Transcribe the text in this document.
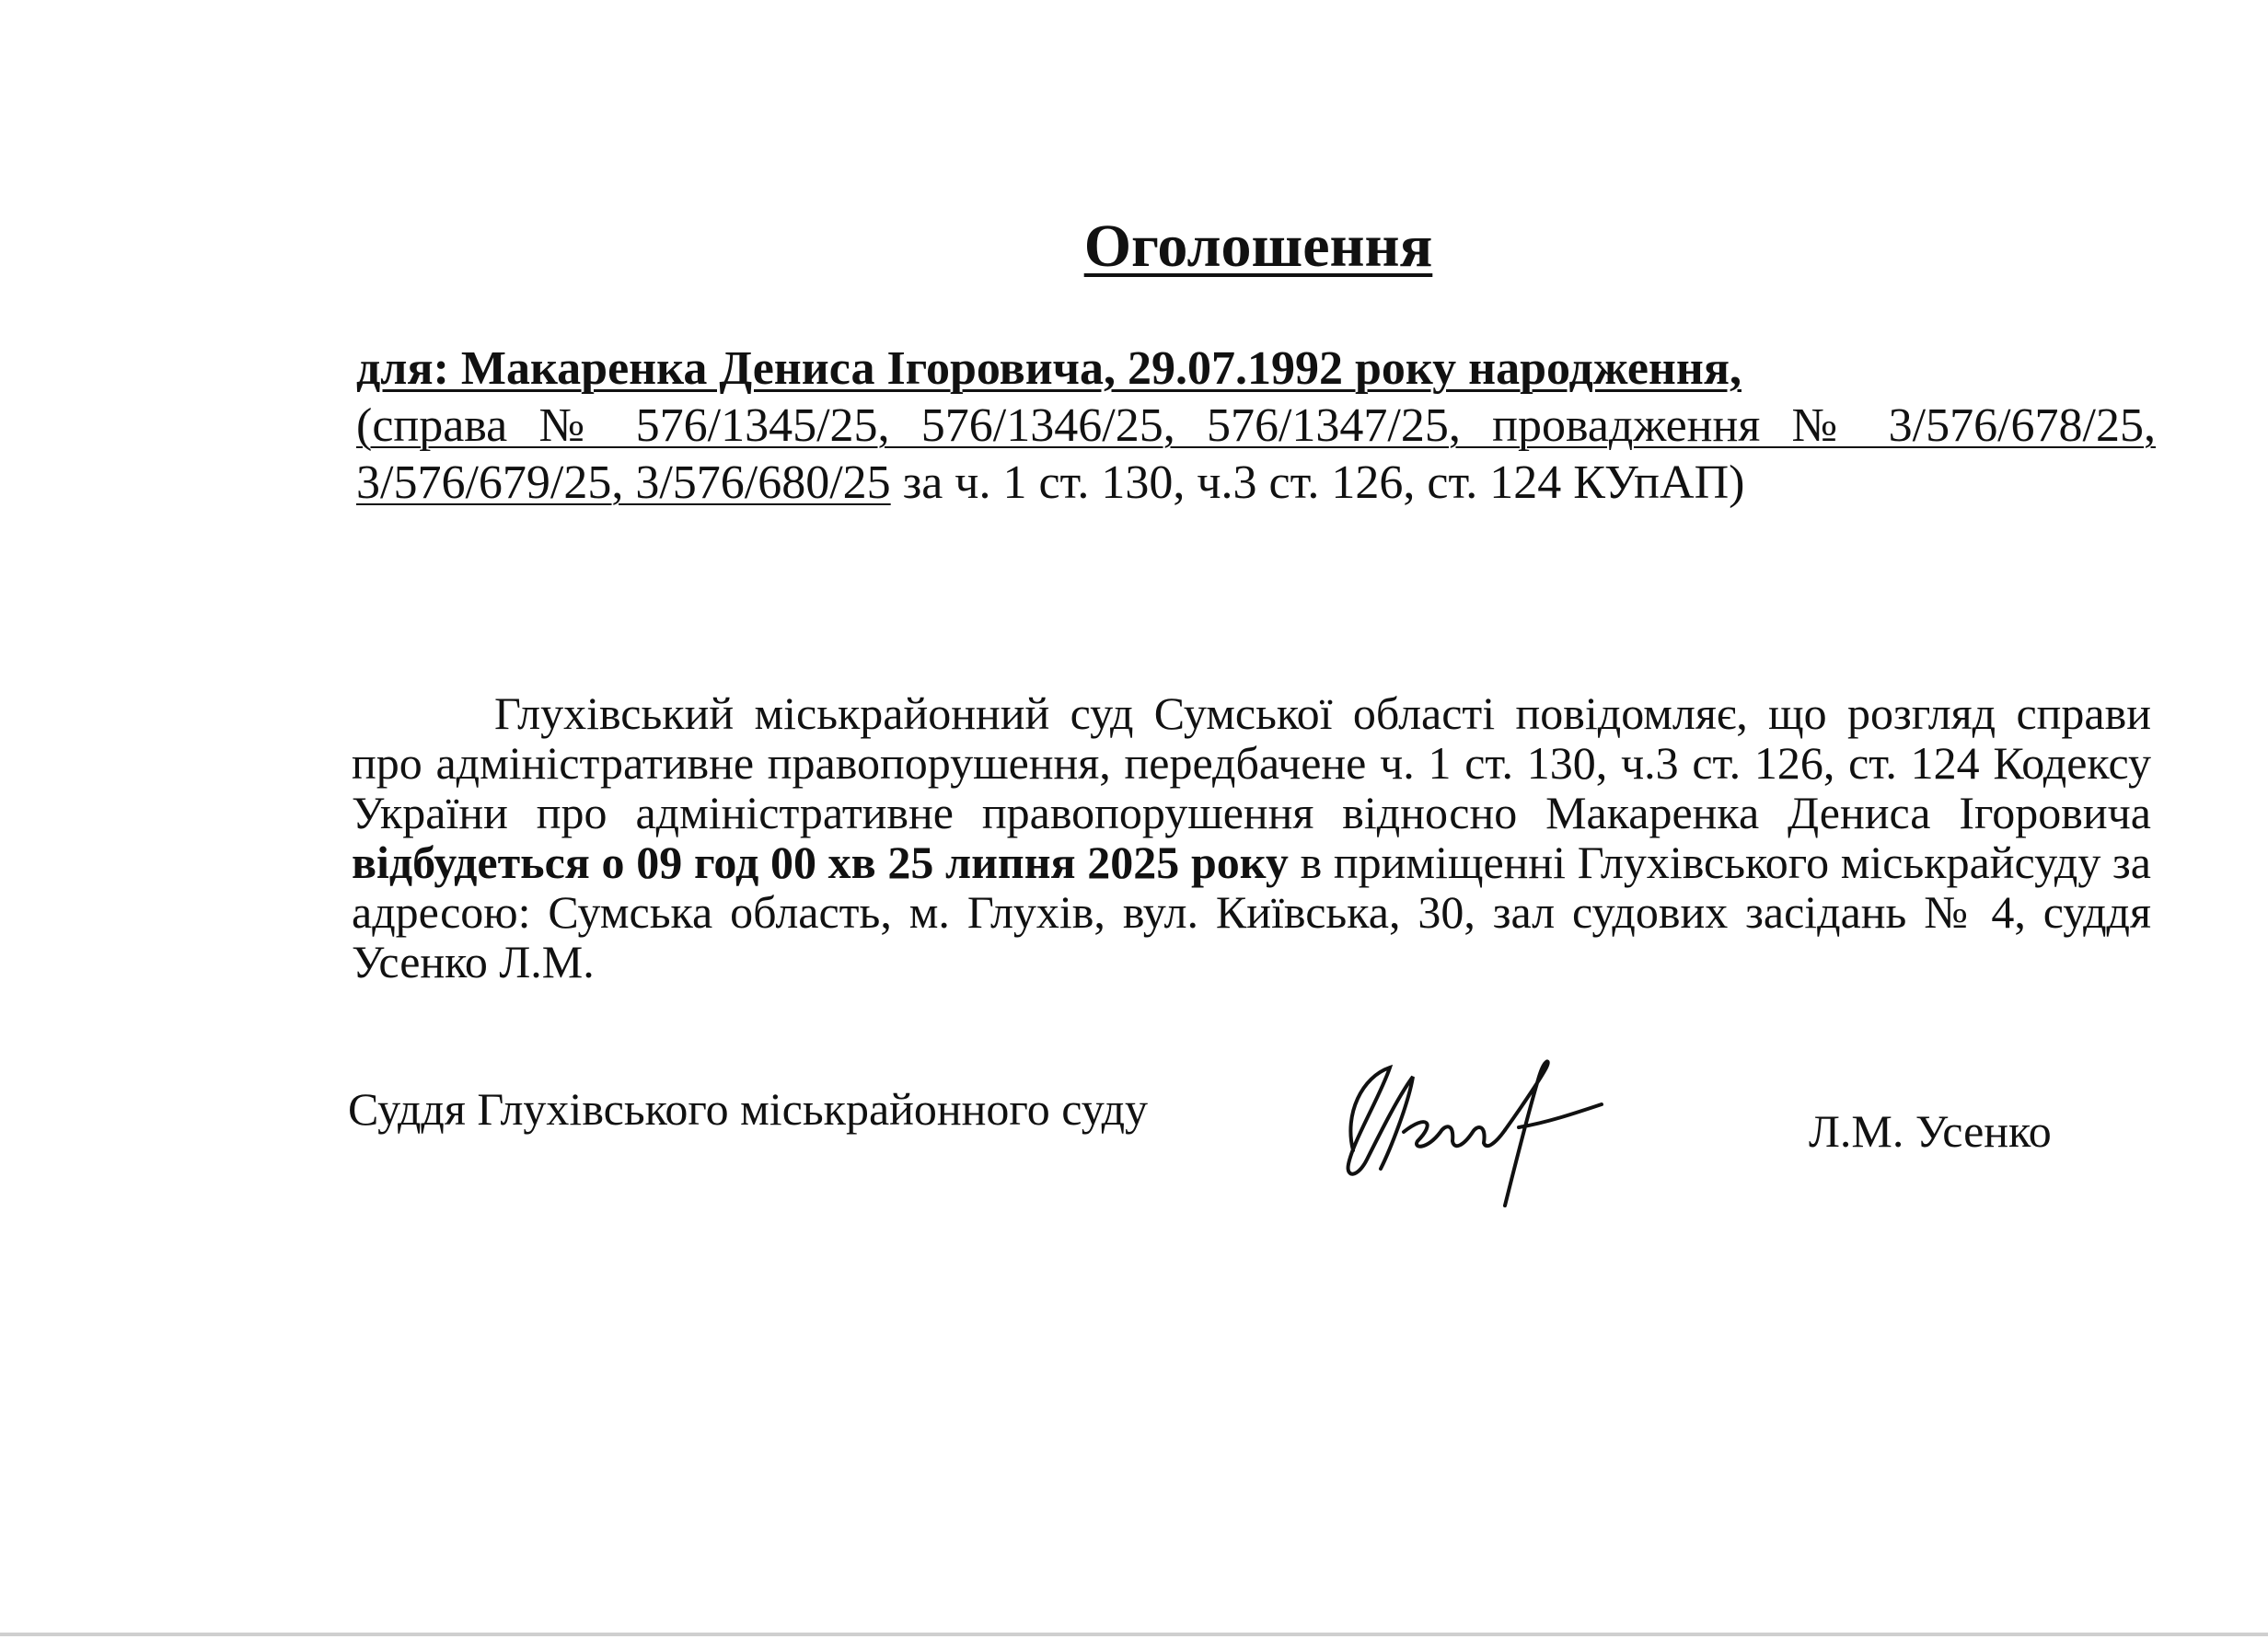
Оголошення
для: Макаренка Дениса Ігоровича, 29.07.1992 року народження,
(справа № 576/1345/25, 576/1346/25, 576/1347/25, провадження № 3/576/678/25, 3/576/679/25, 3/576/680/25 за ч. 1 ст. 130, ч.3 ст. 126, ст. 124 КУпАП)
Глухівський міськрайонний суд Сумської області повідомляє, що розгляд справи про адміністративне правопорушення, передбачене ч. 1 ст. 130, ч.3 ст. 126, ст. 124 Кодексу України про адміністративне правопорушення відносно Макаренка Дениса Ігоровича відбудеться о 09 год 00 хв 25 липня 2025 року в приміщенні Глухівського міськрайсуду за адресою: Сумська область, м. Глухів, вул. Київська, 30, зал судових засідань № 4, суддя Усенко Л.М.
Суддя Глухівського міськрайонного суду	Л.М. Усенко
